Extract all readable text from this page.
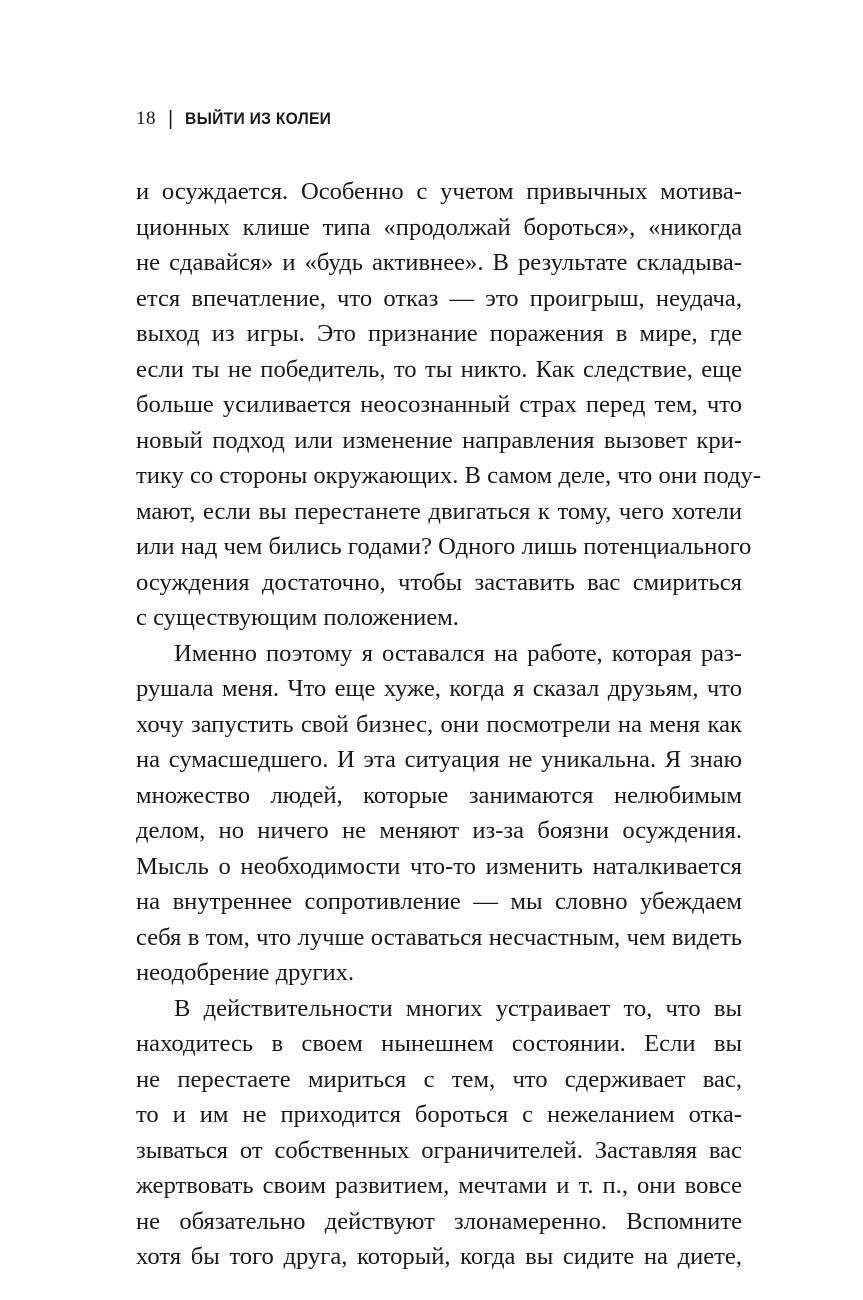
18 | ВЫЙТИ ИЗ КОЛЕИ
и осуждается. Особенно с учетом привычных мотива-
ционных клише типа «продолжай бороться», «никогда
не сдавайся» и «будь активнее». В результате складыва-
ется впечатление, что отказ — это проигрыш, неудача,
выход из игры. Это признание поражения в мире, где
если ты не победитель, то ты никто. Как следствие, еще
больше усиливается неосознанный страх перед тем, что
новый подход или изменение направления вызовет кри-
тику со стороны окружающих. В самом деле, что они поду-
мают, если вы перестанете двигаться к тому, чего хотели
или над чем бились годами? Одного лишь потенциального
осуждения достаточно, чтобы заставить вас смириться
с существующим положением.
Именно поэтому я оставался на работе, которая раз-
рушала меня. Что еще хуже, когда я сказал друзьям, что
хочу запустить свой бизнес, они посмотрели на меня как
на сумасшедшего. И эта ситуация не уникальна. Я знаю
множество людей, которые занимаются нелюбимым
делом, но ничего не меняют из-за боязни осуждения.
Мысль о необходимости что-то изменить наталкивается
на внутреннее сопротивление — мы словно убеждаем
себя в том, что лучше оставаться несчастным, чем видеть
неодобрение других.
В действительности многих устраивает то, что вы
находитесь в своем нынешнем состоянии. Если вы
не перестаете мириться с тем, что сдерживает вас,
то и им не приходится бороться с нежеланием отка-
зываться от собственных ограничителей. Заставляя вас
жертвовать своим развитием, мечтами и т. п., они вовсе
не обязательно действуют злонамеренно. Вспомните
хотя бы того друга, который, когда вы сидите на диете,
